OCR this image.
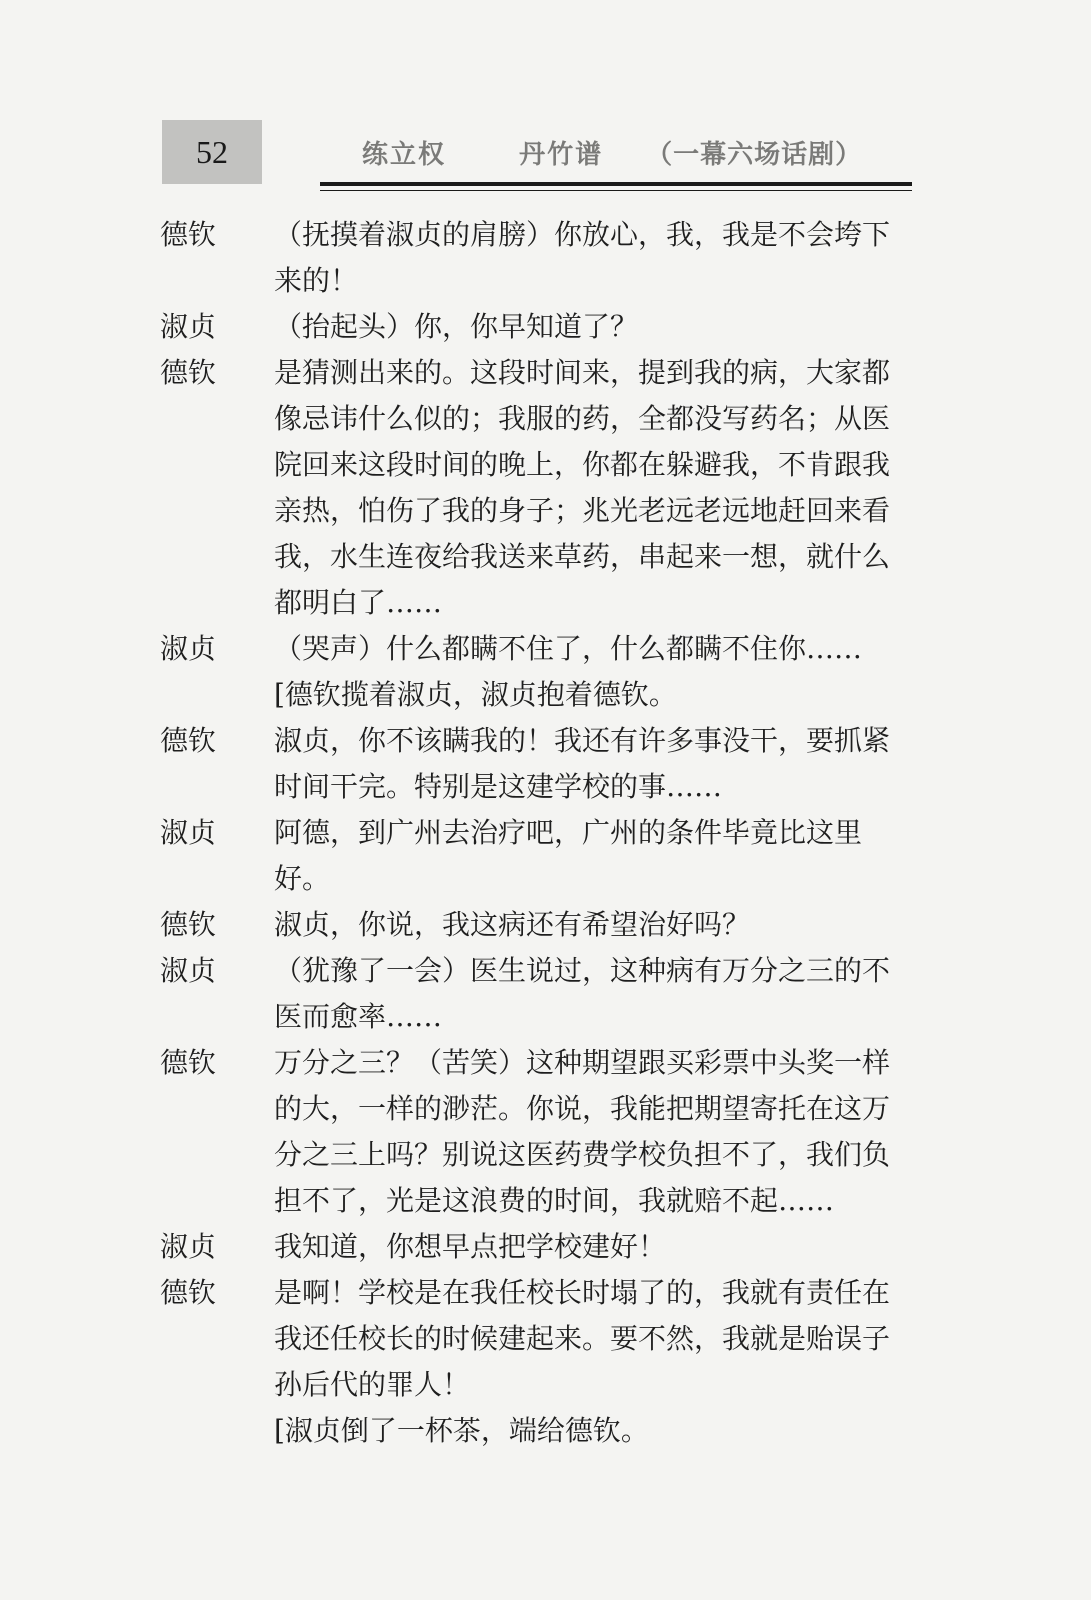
52	练立权	丹竹谱 （一幕六场话剧）
德钦	（抚摸着淑贞的肩膀）你放心，我，我是不会垮下来的！
淑贞	（抬起头）你，你早知道了？
德钦	是猜测出来的。这段时间来，提到我的病，大家都像忌讳什么似的；我服的药，全都没写药名；从医院回来这段时间的晚上，你都在躲避我，不肯跟我亲热，怕伤了我的身子；兆光老远老远地赶回来看我，水生连夜给我送来草药，串起来一想，就什么都明白了……
淑贞	（哭声）什么都瞒不住了，什么都瞒不住你……
[德钦揽着淑贞，淑贞抱着德钦。
德钦	淑贞，你不该瞒我的！我还有许多事没干，要抓紧时间干完。特别是这建学校的事……
淑贞	阿德，到广州去治疗吧，广州的条件毕竟比这里好。
德钦	淑贞，你说，我这病还有希望治好吗？
淑贞	（犹豫了一会）医生说过，这种病有万分之三的不医而愈率……
德钦	万分之三？（苦笑）这种期望跟买彩票中头奖一样的大，一样的渺茫。你说，我能把期望寄托在这万分之三上吗？别说这医药费学校负担不了，我们负担不了，光是这浪费的时间，我就赔不起……
淑贞	我知道，你想早点把学校建好！
德钦	是啊！学校是在我任校长时塌了的，我就有责任在我还任校长的时候建起来。要不然，我就是贻误子孙后代的罪人！
[淑贞倒了一杯茶，端给德钦。
